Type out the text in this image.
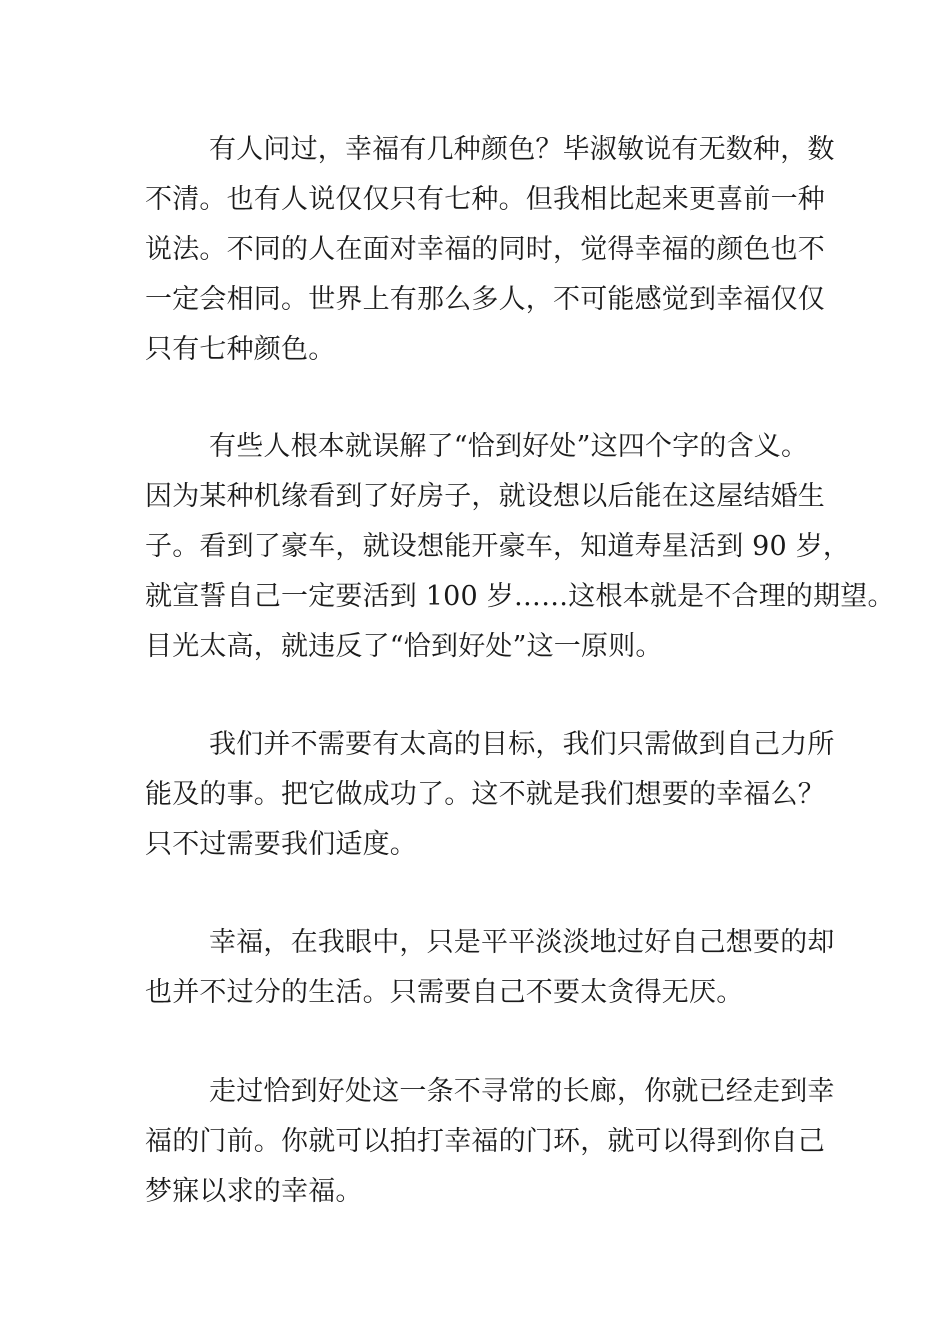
有人问过，幸福有几种颜色？毕淑敏说有无数种，数
不清。也有人说仅仅只有七种。但我相比起来更喜前一种
说法。不同的人在面对幸福的同时，觉得幸福的颜色也不
一定会相同。世界上有那么多人，不可能感觉到幸福仅仅
只有七种颜色。
有些人根本就误解了“恰到好处”这四个字的含义。
因为某种机缘看到了好房子，就设想以后能在这屋结婚生
子。看到了豪车，就设想能开豪车，知道寿星活到 90 岁，
就宣誓自己一定要活到 100 岁……这根本就是不合理的期望。
目光太高，就违反了“恰到好处”这一原则。
我们并不需要有太高的目标，我们只需做到自己力所
能及的事。把它做成功了。这不就是我们想要的幸福么？
只不过需要我们适度。
幸福，在我眼中，只是平平淡淡地过好自己想要的却
也并不过分的生活。只需要自己不要太贪得无厌。
走过恰到好处这一条不寻常的长廊，你就已经走到幸
福的门前。你就可以拍打幸福的门环，就可以得到你自己
梦寐以求的幸福。
